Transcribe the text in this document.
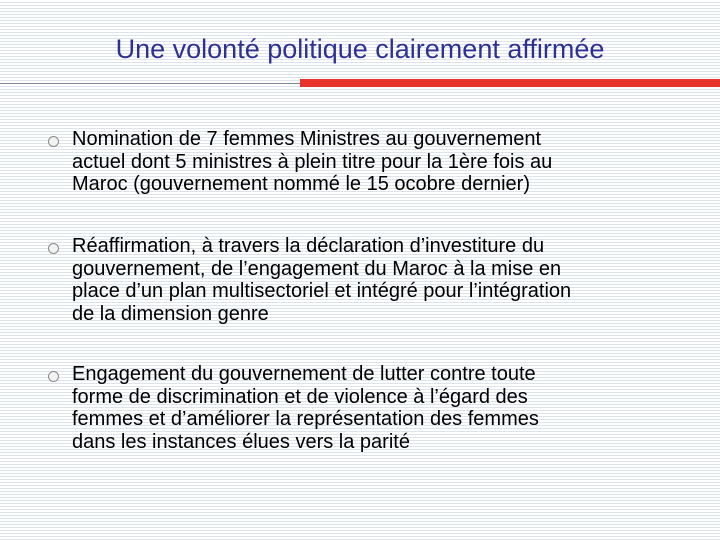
Une volonté politique clairement affirmée
Nomination de 7 femmes Ministres au gouvernement
actuel dont 5 ministres à plein titre pour la 1ère fois au
Maroc (gouvernement nommé le 15 ocobre dernier)
Réaffirmation, à travers la déclaration d’investiture du
gouvernement, de l’engagement du Maroc à la mise en
place d’un plan multisectoriel et intégré pour l’intégration
de la dimension genre
Engagement du gouvernement de lutter contre toute
forme de discrimination et de violence à l’égard des
femmes et d’améliorer la représentation des femmes
dans les instances élues vers la parité
